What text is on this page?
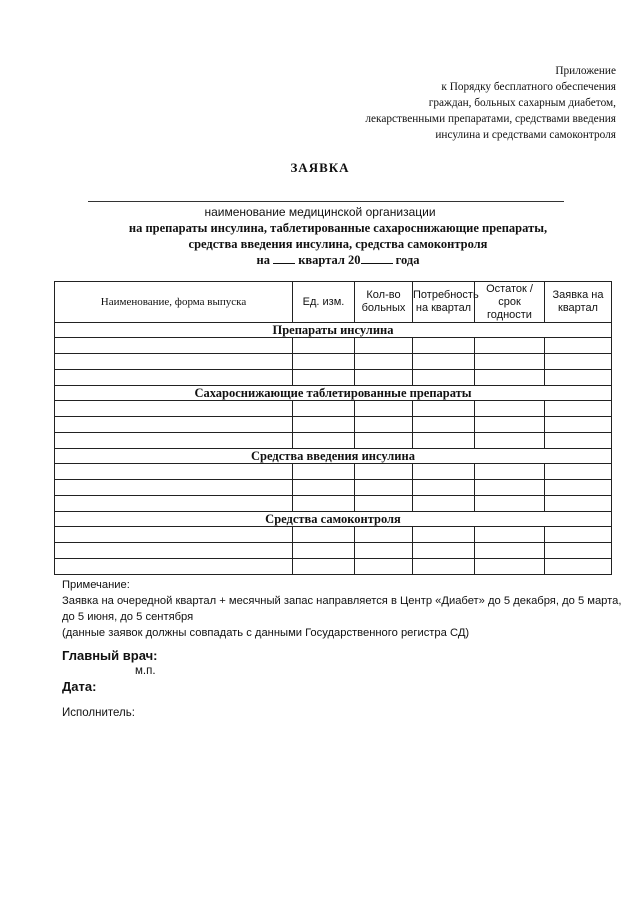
Приложение
к Порядку бесплатного обеспечения
граждан, больных сахарным диабетом,
лекарственными препаратами, средствами введения
инсулина и средствами самоконтроля
ЗАЯВКА
наименование медицинской организации
на препараты инсулина, таблетированные сахароснижающие препараты,
средства введения инсулина, средства самоконтроля
на квартал 20	года
Наименование, форма выпуска	Ед. изм.	Кол-во больных	Потребность на квартал	Остаток / срок годности	Заявка на квартал
Препараты инсулина					

Сахароснижающие таблетированные препараты					

Средства введения инсулина					

Средства самоконтроля					

Примечание:
Заявка на очередной квартал + месячный запас направляется в Центр «Диабет» до 5 декабря, до 5 марта,
до 5 июня, до 5 сентября
(данные заявок должны совпадать с данными Государственного регистра СД)
Главный врач:
м.п.
Дата:
Исполнитель:
